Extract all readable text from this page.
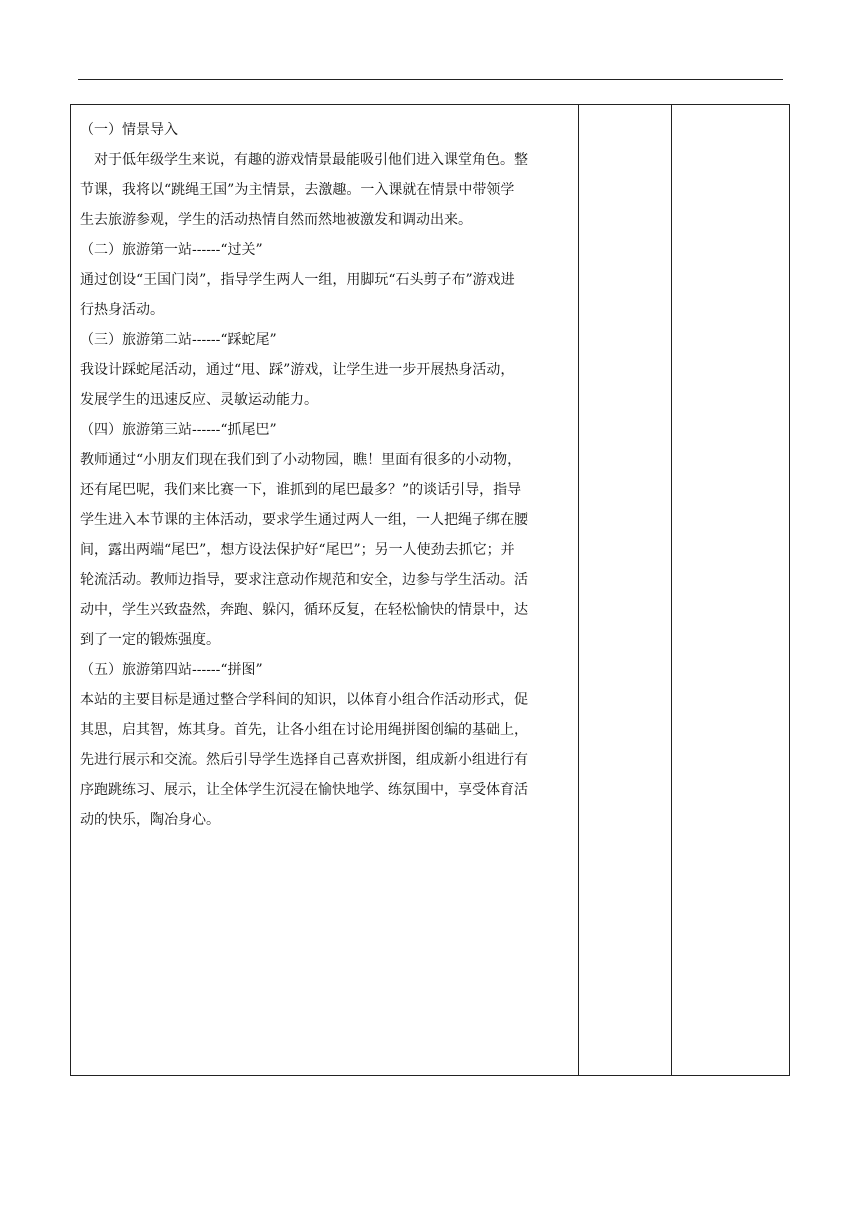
（一）情景导入

对于低年级学生来说，有趣的游戏情景最能吸引他们进入课堂角色。整

节课，我将以“跳绳王国”为主情景，去激趣。一入课就在情景中带领学

生去旅游参观，学生的活动热情自然而然地被激发和调动出来。

（二）旅游第一站------“过关”

通过创设“王国门岗”，指导学生两人一组，用脚玩“石头剪子布”游戏进

行热身活动。

（三）旅游第二站------“踩蛇尾”

我设计踩蛇尾活动，通过“甩、踩”游戏，让学生进一步开展热身活动，

发展学生的迅速反应、灵敏运动能力。

（四）旅游第三站------“抓尾巴”

教师通过“小朋友们现在我们到了小动物园，瞧！里面有很多的小动物，

还有尾巴呢，我们来比赛一下，谁抓到的尾巴最多？”的谈话引导，指导

学生进入本节课的主体活动，要求学生通过两人一组，一人把绳子绑在腰

间，露出两端“尾巴”，想方设法保护好“尾巴”；另一人使劲去抓它；并

轮流活动。教师边指导，要求注意动作规范和安全，边参与学生活动。活

动中，学生兴致盎然，奔跑、躲闪，循环反复，在轻松愉快的情景中，达

到了一定的锻炼强度。

（五）旅游第四站------“拼图”

本站的主要目标是通过整合学科间的知识，以体育小组合作活动形式，促

其思，启其智，炼其身。首先，让各小组在讨论用绳拼图创编的基础上，

先进行展示和交流。然后引导学生选择自己喜欢拼图，组成新小组进行有

序跑跳练习、展示，让全体学生沉浸在愉快地学、练氛围中，享受体育活

动的快乐，陶冶身心。
